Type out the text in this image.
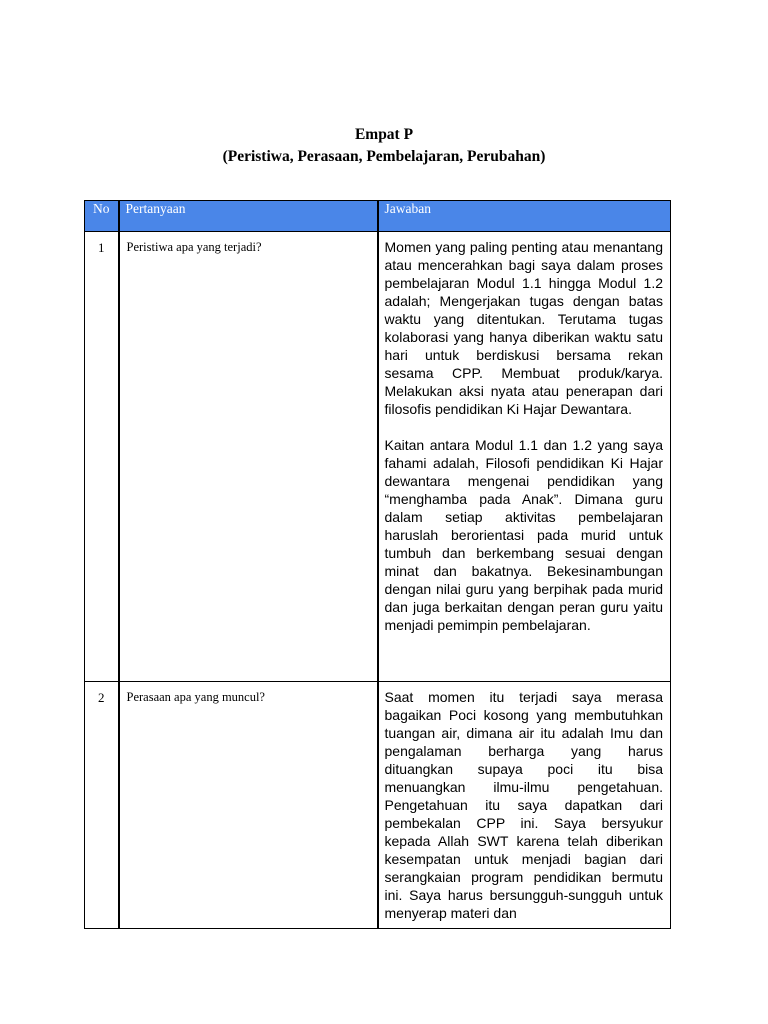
Empat P
(Peristiwa, Perasaan, Pembelajaran, Perubahan)
No	Pertanyaan	Jawaban
1	Peristiwa apa yang terjadi?	Momen yang paling penting atau menantang atau mencerahkan bagi saya dalam proses pembelajaran Modul 1.1 hingga Modul 1.2 adalah; Mengerjakan tugas dengan batas waktu yang ditentukan. Terutama tugas kolaborasi yang hanya diberikan waktu satu hari untuk berdiskusi bersama rekan sesama CPP. Membuat produk/karya. Melakukan aksi nyata atau penerapan dari filosofis pendidikan Ki Hajar Dewantara.

Kaitan antara Modul 1.1 dan 1.2 yang saya fahami adalah, Filosofi pendidikan Ki Hajar dewantara mengenai pendidikan yang “menghamba pada Anak”. Dimana guru dalam setiap aktivitas pembelajaran haruslah berorientasi pada murid untuk tumbuh dan berkembang sesuai dengan minat dan bakatnya. Bekesinambungan dengan nilai guru yang berpihak pada murid dan juga berkaitan dengan peran guru yaitu menjadi pemimpin pembelajaran.

2	Perasaan apa yang muncul?	Saat momen itu terjadi saya merasa bagaikan Poci kosong yang membutuhkan tuangan air, dimana air itu adalah Imu dan pengalaman berharga yang harus dituangkan supaya poci itu bisa menuangkan ilmu-ilmu pengetahuan. Pengetahuan itu saya dapatkan dari pembekalan CPP ini. Saya bersyukur kepada Allah SWT karena telah diberikan kesempatan untuk menjadi bagian dari serangkaian program pendidikan bermutu ini. Saya harus bersungguh-sungguh untuk menyerap materi dan
